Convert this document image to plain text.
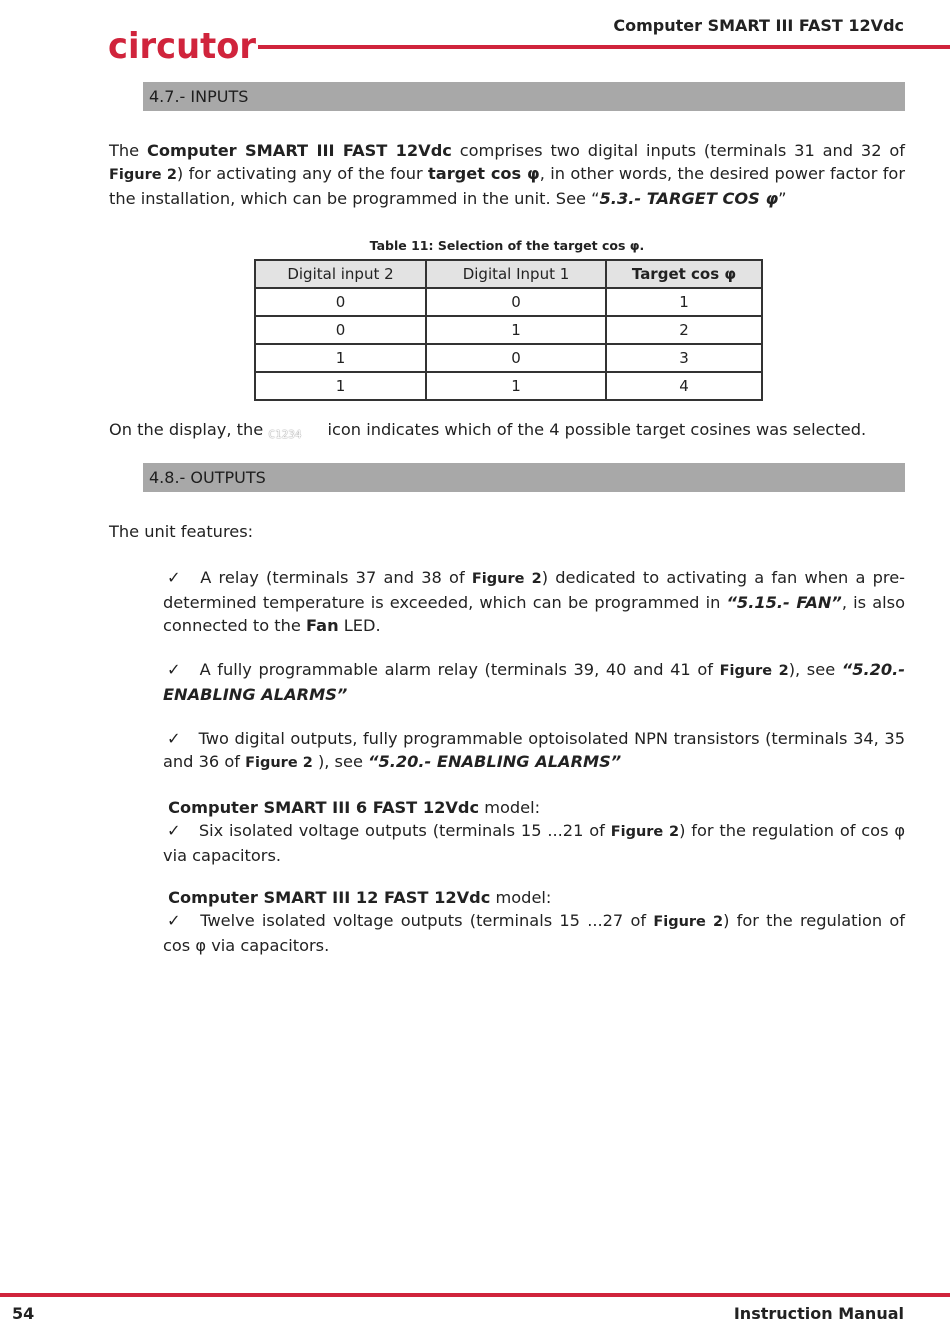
circutor
Computer SMART III FAST 12Vdc
4.7.- INPUTS

The Computer SMART III FAST 12Vdc comprises two digital inputs (terminals 31 and 32 of Figure 2) for activating any of the four target cos φ, in other words, the desired power factor for the installation, which can be programmed in the unit. See “5.3.- TARGET COS φ”

Table 11: Selection of the target cos φ.
Digital input 2	Digital Input 1	Target cos φ
0	0	1
0	1	2
1	0	3
1	1	4

On the display, the C1234 icon indicates which of the 4 possible target cosines was selected.

4.8.- OUTPUTS

The unit features:

✓ A relay (terminals 37 and 38 of Figure 2) dedicated to activating a fan when a pre-determined temperature is exceeded, which can be programmed in “5.15.- FAN”, is also connected to the Fan LED.

✓ A fully programmable alarm relay (terminals 39, 40 and 41 of Figure 2), see “5.20.- ENABLING ALARMS”

✓ Two digital outputs, fully programmable optoisolated NPN transistors (terminals 34, 35 and 36 of Figure 2 ), see “5.20.- ENABLING ALARMS”

Computer SMART III 6 FAST 12Vdc model:

✓ Six isolated voltage outputs (terminals 15 ...21 of Figure 2) for the regulation of cos φ via capacitors.

Computer SMART III 12 FAST 12Vdc model:

✓ Twelve isolated voltage outputs (terminals 15 ...27 of Figure 2) for the regulation of cos φ via capacitors.

54	Instruction Manual
